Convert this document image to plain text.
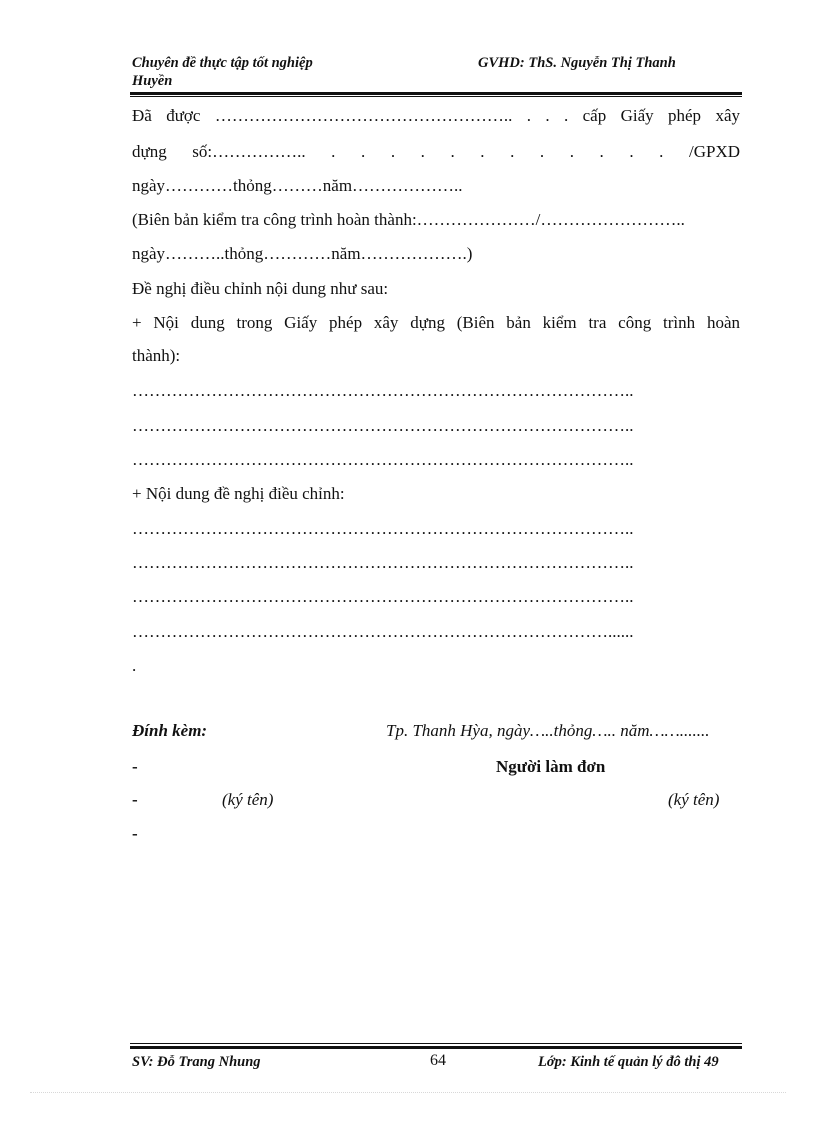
Chuyên đề thực tập tốt nghiệp
Huyền
GVHD: ThS. Nguyễn Thị Thanh
Đã được …………………………………………….. . . . cấp Giấy phép xây
dựng số:…………….. . . . . . . . . . . . . /GPXD
ngày…………thỏng………năm………………..
(Biên bản kiểm tra công trình hoàn thành:…………………/……………………..
ngày………..thỏng…………năm……………….)
Đề nghị điều chỉnh nội dung như sau:
+ Nội dung trong Giấy phép xây dựng (Biên bản kiểm tra công trình hoàn
thành):
……………………………………………………………………………..
……………………………………………………………………………..
……………………………………………………………………………..
+ Nội dung đề nghị điều chỉnh:
……………………………………………………………………………..
……………………………………………………………………………..
……………………………………………………………………………..
…………………………………………………………………………......
.
Đính kèm:	Tp. Thanh Hỳa, ngày…..thỏng….. năm…….......
-
-
-
Người làm đơn
(ký tên)	(ký tên)
SV: Đỗ Trang Nhung	64	Lớp: Kinh tế quản lý đô thị 49
